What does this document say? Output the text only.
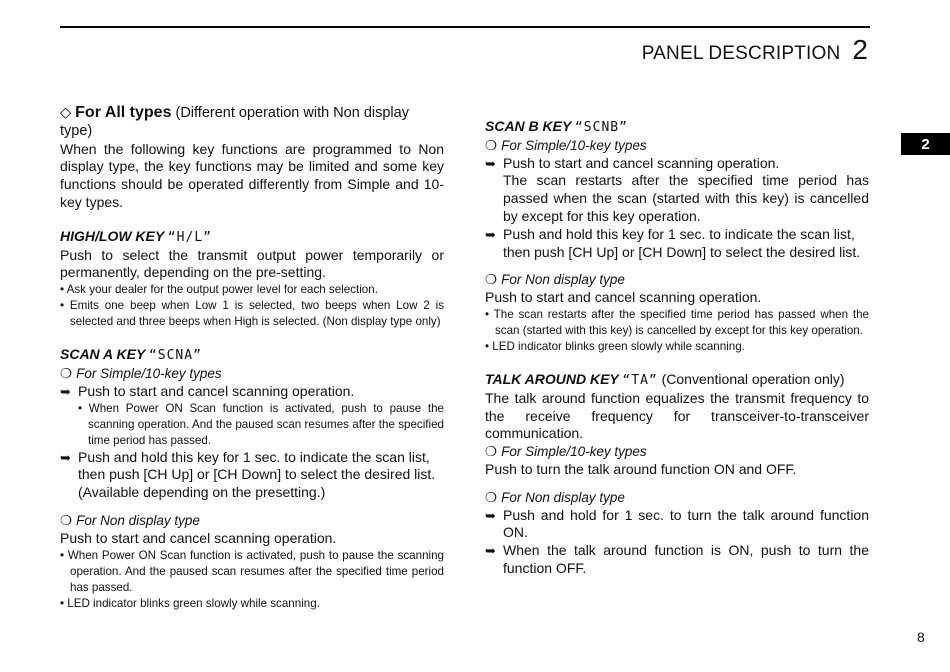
PANEL DESCRIPTION 2
2

◇ For All types (Different operation with Non display type)

When the following key functions are programmed to Non display type, the key functions may be limited and some key functions should be operated differently from Simple and 10-key types.

HIGH/LOW KEY “H/L”

Push to select the transmit output power temporarily or permanently, depending on the pre-setting.

• Ask your dealer for the output power level for each selection.

• Emits one beep when Low 1 is selected, two beeps when Low 2 is selected and three beeps when High is selected. (Non display type only)

SCAN A KEY “SCNA”

❍ For Simple/10-key types

➥ Push to start and cancel scanning operation.

• When Power ON Scan function is activated, push to pause the scanning operation. And the paused scan resumes after the specified time period has passed.

➥ Push and hold this key for 1 sec. to indicate the scan list, then push [CH Up] or [CH Down] to select the desired list. (Available depending on the presetting.)

❍ For Non display type

Push to start and cancel scanning operation.

• When Power ON Scan function is activated, push to pause the scanning operation. And the paused scan resumes after the specified time period has passed.

• LED indicator blinks green slowly while scanning.

SCAN B KEY “SCNB”

❍ For Simple/10-key types

➥ Push to start and cancel scanning operation.
The scan restarts after the specified time period has passed when the scan (started with this key) is cancelled by except for this key operation.
➥ Push and hold this key for 1 sec. to indicate the scan list, then push [CH Up] or [CH Down] to select the desired list.

❍ For Non display type

Push to start and cancel scanning operation.

• The scan restarts after the specified time period has passed when the scan (started with this key) is cancelled by except for this key operation.

• LED indicator blinks green slowly while scanning.

TALK AROUND KEY “TA” (Conventional operation only)

The talk around function equalizes the transmit frequency to the receive frequency for transceiver-to-transceiver communication.

❍ For Simple/10-key types

Push to turn the talk around function ON and OFF.

❍ For Non display type

➥ Push and hold for 1 sec. to turn the talk around function ON.
➥ When the talk around function is ON, push to turn the function OFF.
8
